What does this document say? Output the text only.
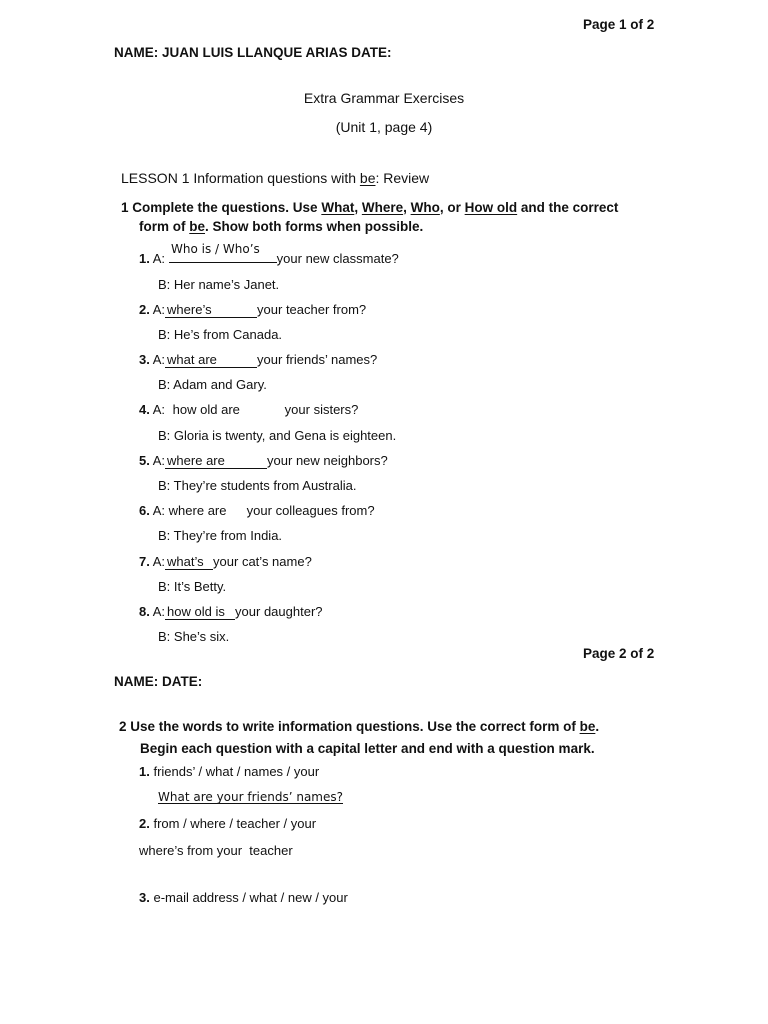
Page 1 of 2
NAME: JUAN LUIS LLANQUE ARIAS DATE:
Extra Grammar Exercises
(Unit 1, page 4)
LESSON 1 Information questions with be: Review
1 Complete the questions. Use What, Where, Who, or How old and the correct
form of be. Show both forms when possible.
Who is / Who’s
1. A:	your new classmate?
B: Her name’s Janet.
2. A: where’s	your teacher from?
B: He’s from Canada.
3. A: what are	your friends’ names?
B: Adam and Gary.
4. A: how old are	your sisters?
B: Gloria is twenty, and Gena is eighteen.
5. A: where are	your new neighbors?
B: They’re students from Australia.
6. A: where are your colleagues from?
B: They’re from India.
7. A: what’s your cat’s name?
B: It’s Betty.
8. A: how old is your daughter?
B: She’s six.
Page 2 of 2
NAME: DATE:
2 Use the words to write information questions. Use the correct form of be.
Begin each question with a capital letter and end with a question mark.
1. friends’ / what / names / your
What are your friends’ names?
2. from / where / teacher / your
where’s from your  teacher
3. e-mail address / what / new / your
